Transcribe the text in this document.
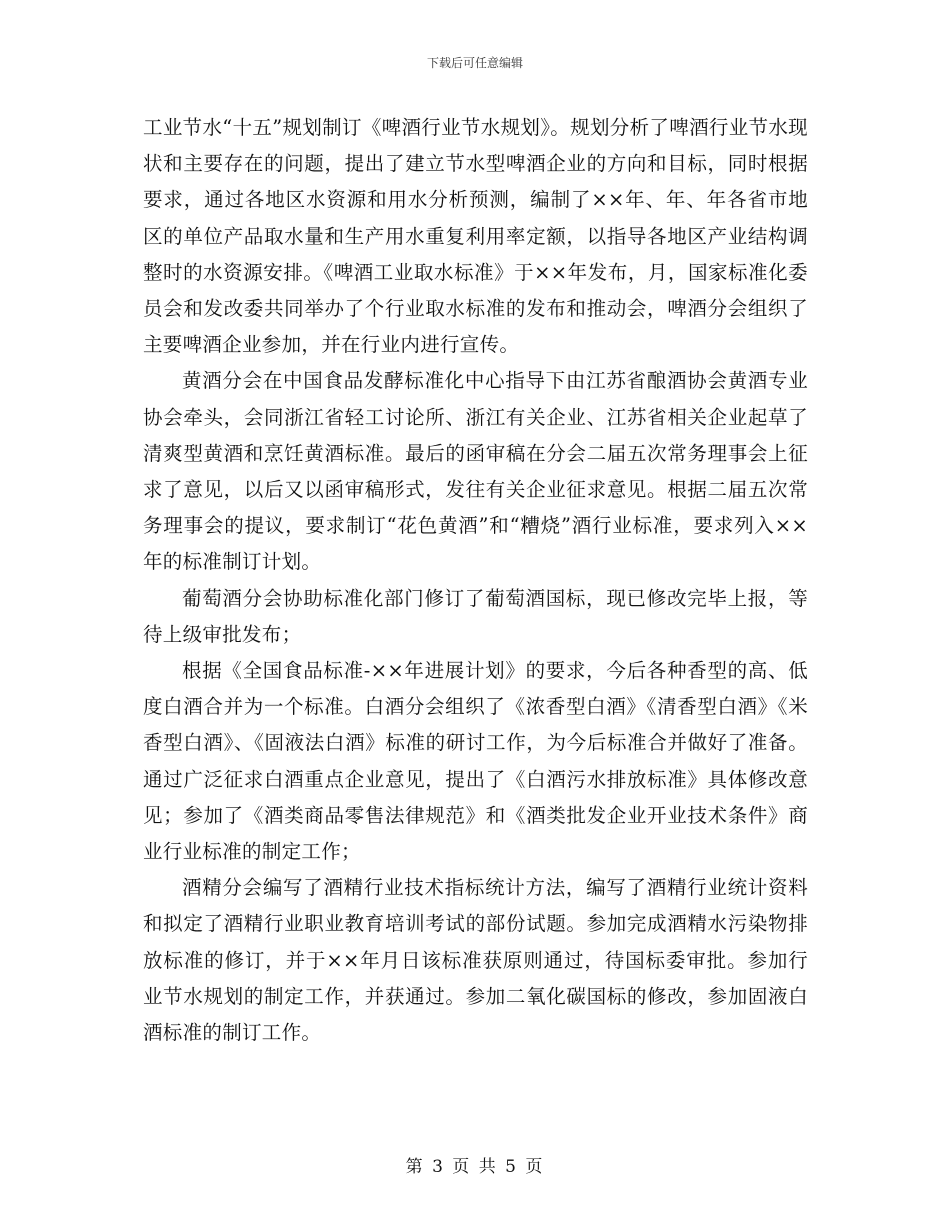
下载后可任意编辑

工业节水“十五”规划制订《啤酒行业节水规划》。规划分析了啤酒行业节水现状和主要存在的问题，提出了建立节水型啤酒企业的方向和目标，同时根据要求，通过各地区水资源和用水分析预测，编制了××年、年、年各省市地区的单位产品取水量和生产用水重复利用率定额，以指导各地区产业结构调整时的水资源安排。《啤酒工业取水标准》于××年发布，月，国家标准化委员会和发改委共同举办了个行业取水标准的发布和推动会，啤酒分会组织了主要啤酒企业参加，并在行业内进行宣传。

黄酒分会在中国食品发酵标准化中心指导下由江苏省酿酒协会黄酒专业协会牵头，会同浙江省轻工讨论所、浙江有关企业、江苏省相关企业起草了清爽型黄酒和烹饪黄酒标准。最后的函审稿在分会二届五次常务理事会上征求了意见，以后又以函审稿形式，发往有关企业征求意见。根据二届五次常务理事会的提议，要求制订“花色黄酒”和“糟烧”酒行业标准，要求列入××年的标准制订计划。

葡萄酒分会协助标准化部门修订了葡萄酒国标，现已修改完毕上报，等待上级审批发布；

根据《全国食品标准-××年进展计划》的要求，今后各种香型的高、低度白酒合并为一个标准。白酒分会组织了《浓香型白酒》《清香型白酒》《米香型白酒》、《固液法白酒》标准的研讨工作，为今后标准合并做好了准备。通过广泛征求白酒重点企业意见，提出了《白酒污水排放标准》具体修改意见；参加了《酒类商品零售法律规范》和《酒类批发企业开业技术条件》商业行业标准的制定工作；

酒精分会编写了酒精行业技术指标统计方法，编写了酒精行业统计资料和拟定了酒精行业职业教育培训考试的部份试题。参加完成酒精水污染物排放标准的修订，并于××年月日该标准获原则通过，待国标委审批。参加行业节水规划的制定工作，并获通过。参加二氧化碳国标的修改，参加固液白酒标准的制订工作。

第 3 页 共 5 页
